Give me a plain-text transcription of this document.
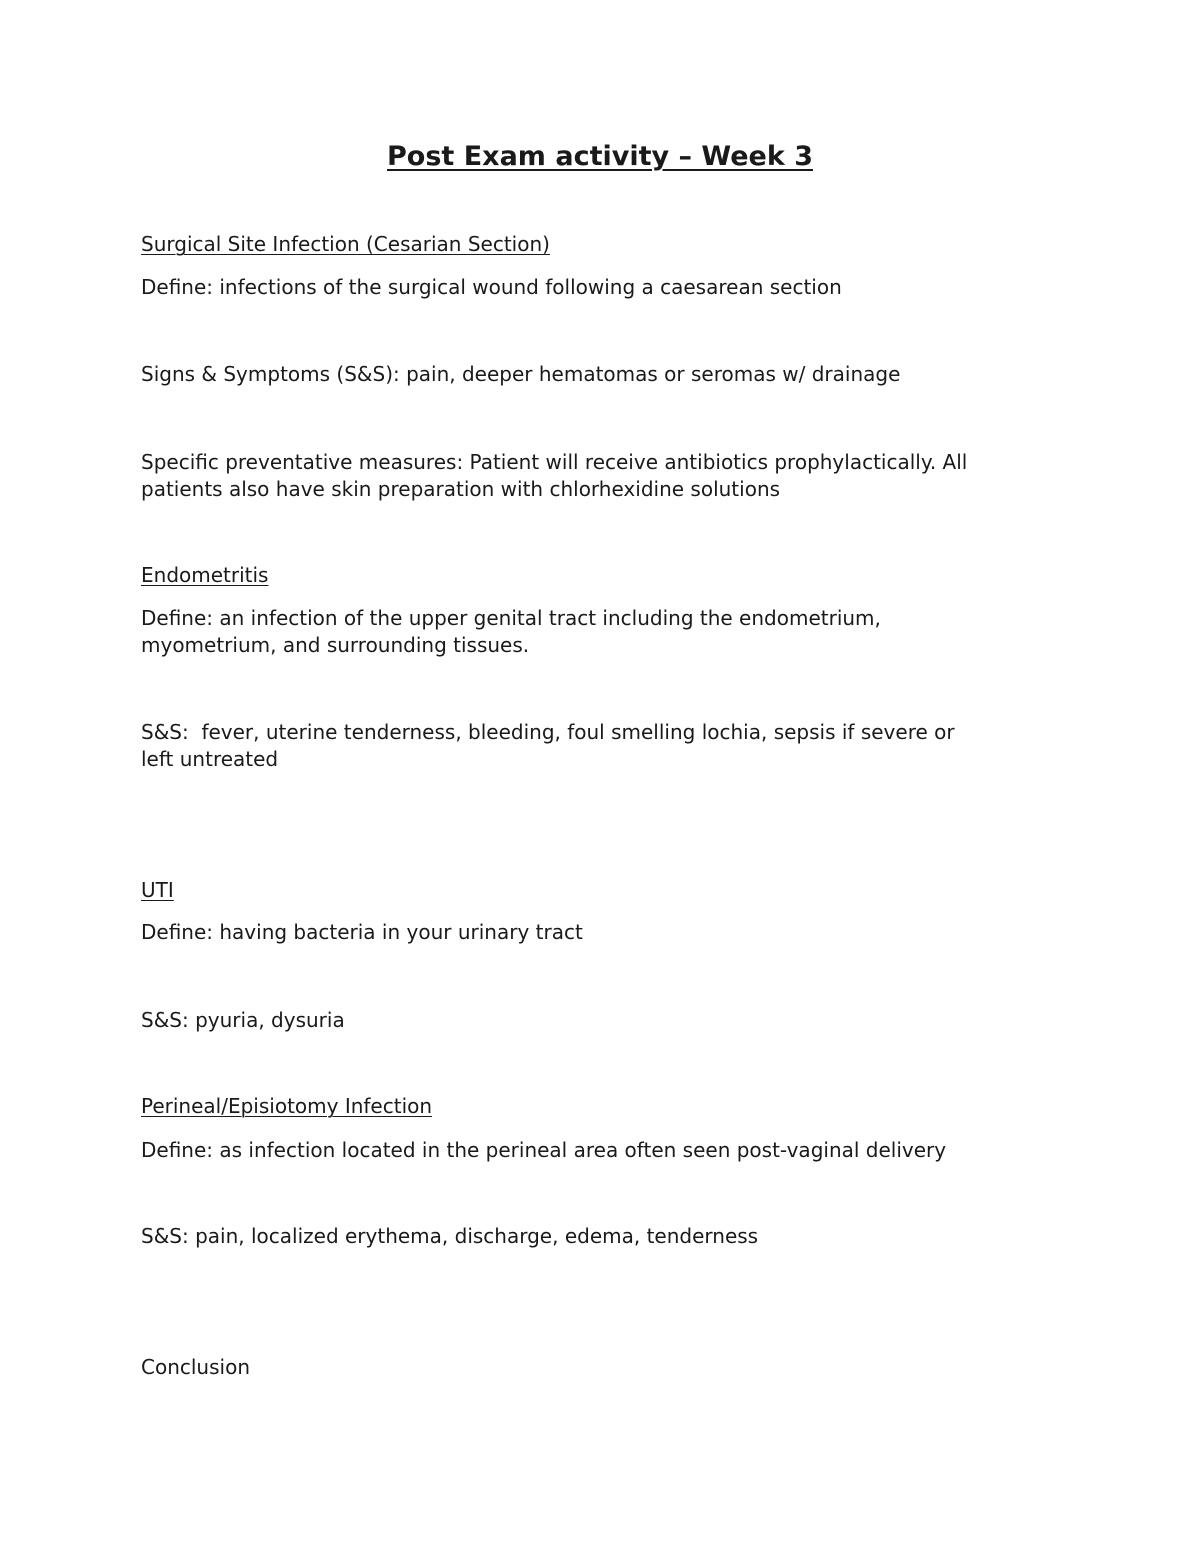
Post Exam activity – Week 3

Surgical Site Infection (Cesarian Section)

Define: infections of the surgical wound following a caesarean section

Signs & Symptoms (S&S): pain, deeper hematomas or seromas w/ drainage

Specific preventative measures: Patient will receive antibiotics prophylactically. All

patients also have skin preparation with chlorhexidine solutions

Endometritis

Define: an infection of the upper genital tract including the endometrium,

myometrium, and surrounding tissues.

S&S:  fever, uterine tenderness, bleeding, foul smelling lochia, sepsis if severe or

left untreated

UTI

Define: having bacteria in your urinary tract

S&S: pyuria, dysuria

Perineal/Episiotomy Infection

Define: as infection located in the perineal area often seen post-vaginal delivery

S&S: pain, localized erythema, discharge, edema, tenderness

Conclusion
